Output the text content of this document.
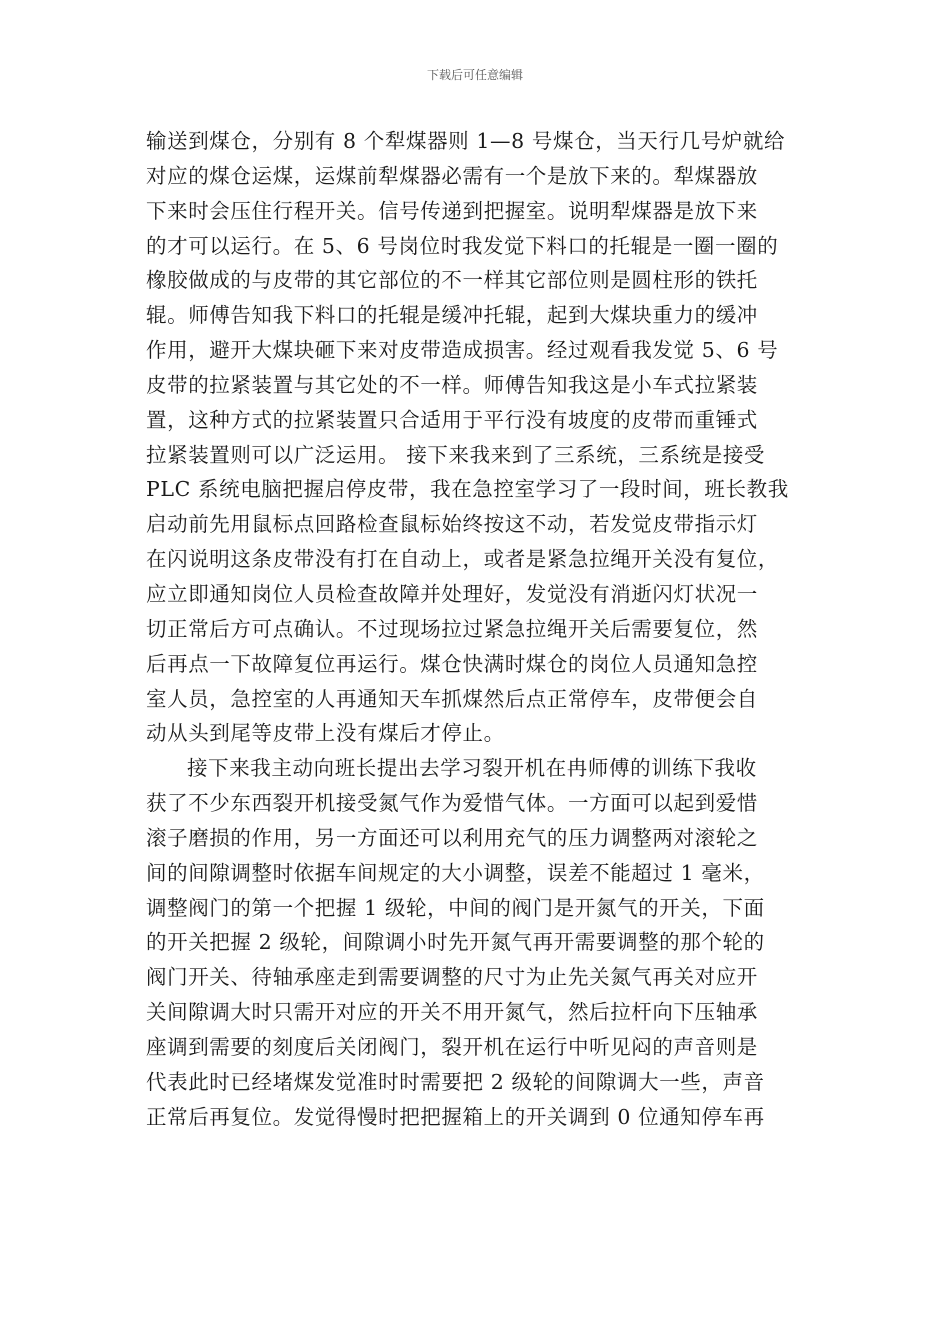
下载后可任意编辑
输送到煤仓，分别有 8 个犁煤器则 1—8 号煤仓，当天行几号炉就给
对应的煤仓运煤，运煤前犁煤器必需有一个是放下来的。犁煤器放
下来时会压住行程开关。信号传递到把握室。说明犁煤器是放下来
的才可以运行。在 5、6 号岗位时我发觉下料口的托辊是一圈一圈的
橡胶做成的与皮带的其它部位的不一样其它部位则是圆柱形的铁托
辊。师傅告知我下料口的托辊是缓冲托辊，起到大煤块重力的缓冲
作用，避开大煤块砸下来对皮带造成损害。经过观看我发觉 5、6 号
皮带的拉紧装置与其它处的不一样。师傅告知我这是小车式拉紧装
置，这种方式的拉紧装置只合适用于平行没有坡度的皮带而重锤式
拉紧装置则可以广泛运用。 接下来我来到了三系统，三系统是接受
PLC 系统电脑把握启停皮带，我在急控室学习了一段时间，班长教我
启动前先用鼠标点回路检查鼠标始终按这不动，若发觉皮带指示灯
在闪说明这条皮带没有打在自动上，或者是紧急拉绳开关没有复位，
应立即通知岗位人员检查故障并处理好，发觉没有消逝闪灯状况一
切正常后方可点确认。不过现场拉过紧急拉绳开关后需要复位，然
后再点一下故障复位再运行。煤仓快满时煤仓的岗位人员通知急控
室人员，急控室的人再通知天车抓煤然后点正常停车，皮带便会自
动从头到尾等皮带上没有煤后才停止。
接下来我主动向班长提出去学习裂开机在冉师傅的训练下我收
获了不少东西裂开机接受氮气作为爱惜气体。一方面可以起到爱惜
滚子磨损的作用，另一方面还可以利用充气的压力调整两对滚轮之
间的间隙调整时依据车间规定的大小调整，误差不能超过 1 毫米，
调整阀门的第一个把握 1 级轮，中间的阀门是开氮气的开关，下面
的开关把握 2 级轮，间隙调小时先开氮气再开需要调整的那个轮的
阀门开关、待轴承座走到需要调整的尺寸为止先关氮气再关对应开
关间隙调大时只需开对应的开关不用开氮气，然后拉杆向下压轴承
座调到需要的刻度后关闭阀门，裂开机在运行中听见闷的声音则是
代表此时已经堵煤发觉准时时需要把 2 级轮的间隙调大一些，声音
正常后再复位。发觉得慢时把把握箱上的开关调到 0 位通知停车再
